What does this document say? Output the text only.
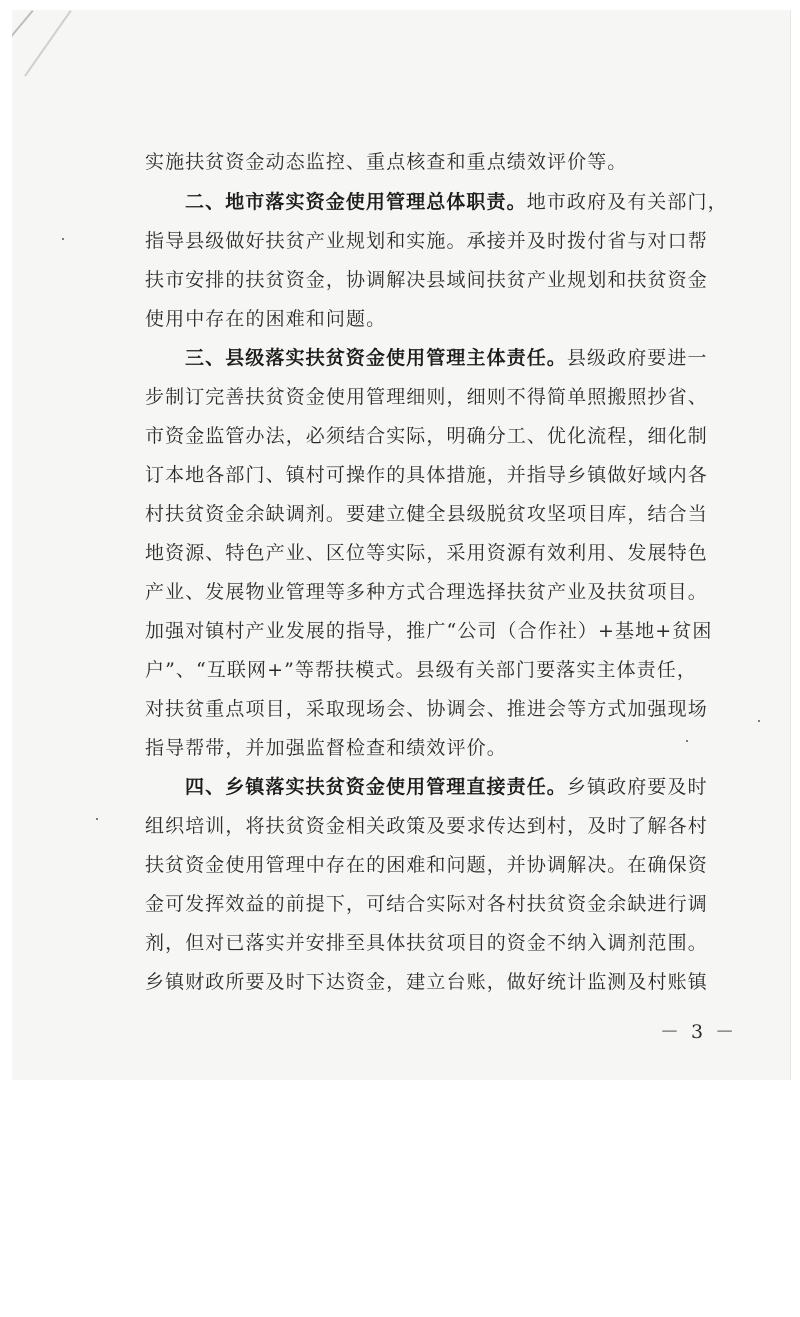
实施扶贫资金动态监控、重点核查和重点绩效评价等。
二、地市落实资金使用管理总体职责。地市政府及有关部门，
指导县级做好扶贫产业规划和实施。承接并及时拨付省与对口帮
扶市安排的扶贫资金，协调解决县域间扶贫产业规划和扶贫资金
使用中存在的困难和问题。
三、县级落实扶贫资金使用管理主体责任。县级政府要进一
步制订完善扶贫资金使用管理细则，细则不得简单照搬照抄省、
市资金监管办法，必须结合实际，明确分工、优化流程，细化制
订本地各部门、镇村可操作的具体措施，并指导乡镇做好域内各
村扶贫资金余缺调剂。要建立健全县级脱贫攻坚项目库，结合当
地资源、特色产业、区位等实际，采用资源有效利用、发展特色
产业、发展物业管理等多种方式合理选择扶贫产业及扶贫项目。
加强对镇村产业发展的指导，推广“公司（合作社）+基地+贫困
户”、“互联网+”等帮扶模式。县级有关部门要落实主体责任，
对扶贫重点项目，采取现场会、协调会、推进会等方式加强现场
指导帮带，并加强监督检查和绩效评价。
四、乡镇落实扶贫资金使用管理直接责任。乡镇政府要及时
组织培训，将扶贫资金相关政策及要求传达到村，及时了解各村
扶贫资金使用管理中存在的困难和问题，并协调解决。在确保资
金可发挥效益的前提下，可结合实际对各村扶贫资金余缺进行调
剂，但对已落实并安排至具体扶贫项目的资金不纳入调剂范围。
乡镇财政所要及时下达资金，建立台账，做好统计监测及村账镇
－ 3 －
